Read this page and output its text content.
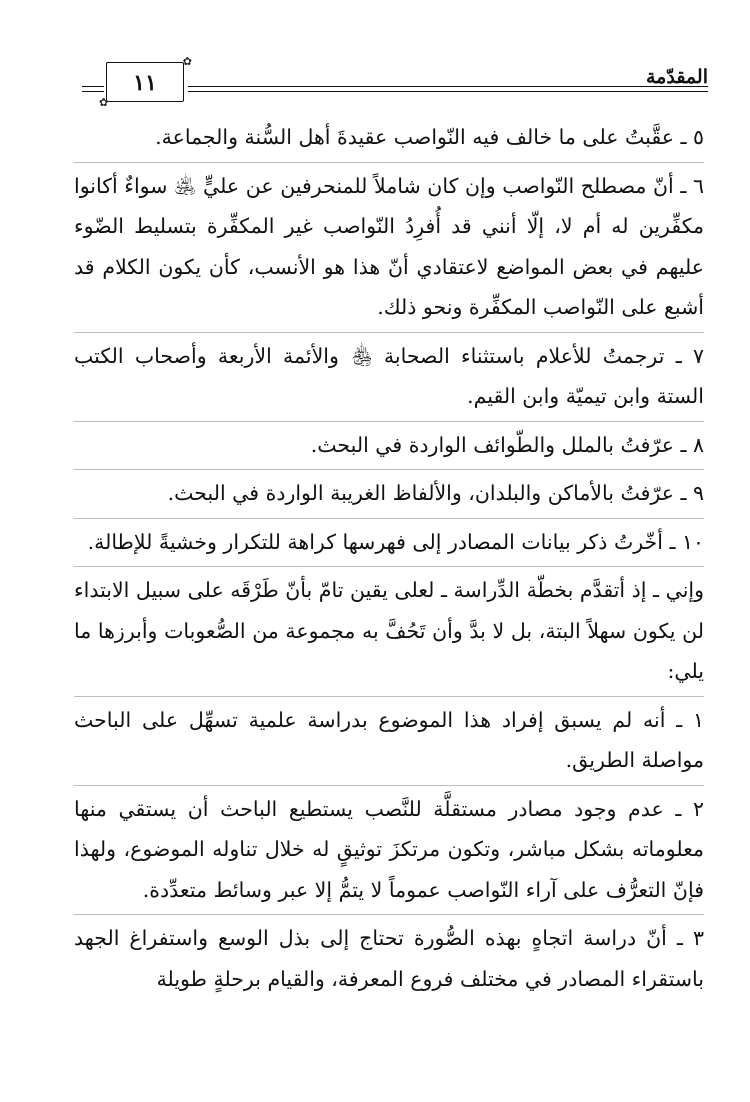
المقدّمة
١١
✿
✿

٥ ـ عقَّبتُ على ما خالف فيه النّواصب عقيدةَ أهل السُّنة والجماعة.

٦ ـ أنّ مصطلح النّواصب وإن كان شاملاً للمنحرفين عن عليٍّ ﵁ سواءٌ أكانوا مكفِّرين له أم لا، إلّا أنني قد أُفرِدُ النّواصب غير المكفِّرة بتسليط الضّوء عليهم في بعض المواضع لاعتقادي أنّ هذا هو الأنسب، كأن يكون الكلام قد أشبع على النّواصب المكفِّرة ونحو ذلك.

٧ ـ ترجمتُ للأعلام باستثناء الصحابة ﵃ والأئمة الأربعة وأصحاب الكتب الستة وابن تيميّة وابن القيم.

٨ ـ عرّفتُ بالملل والطّوائف الواردة في البحث.

٩ ـ عرّفتُ بالأماكن والبلدان، والألفاظ الغريبة الواردة في البحث.

١٠ ـ أخّرتُ ذكر بيانات المصادر إلى فهرسها كراهة للتكرار وخشيةً للإطالة.

وإني ـ إذ أتقدَّم بخطّة الدِّراسة ـ لعلى يقين تامّ بأنّ طَرْقَه على سبيل الابتداء لن يكون سهلاً البتة، بل لا بدَّ وأن تَحُفَّ به مجموعة من الصُّعوبات وأبرزها ما يلي:

١ ـ أنه لم يسبق إفراد هذا الموضوع بدراسة علمية تسهِّل على الباحث مواصلة الطريق.

٢ ـ عدم وجود مصادر مستقلَّة للنَّصب يستطيع الباحث أن يستقي منها معلوماته بشكل مباشر، وتكون مرتكزَ توثيقٍ له خلال تناوله الموضوع، ولهذا فإنّ التعرُّف على آراء النّواصب عموماً لا يتمُّ إلا عبر وسائط متعدِّدة.

٣ ـ أنّ دراسة اتجاهٍ بهذه الصُّورة تحتاج إلى بذل الوسع واستفراغ الجهد باستقراء المصادر في مختلف فروع المعرفة، والقيام برحلةٍ طويلة
